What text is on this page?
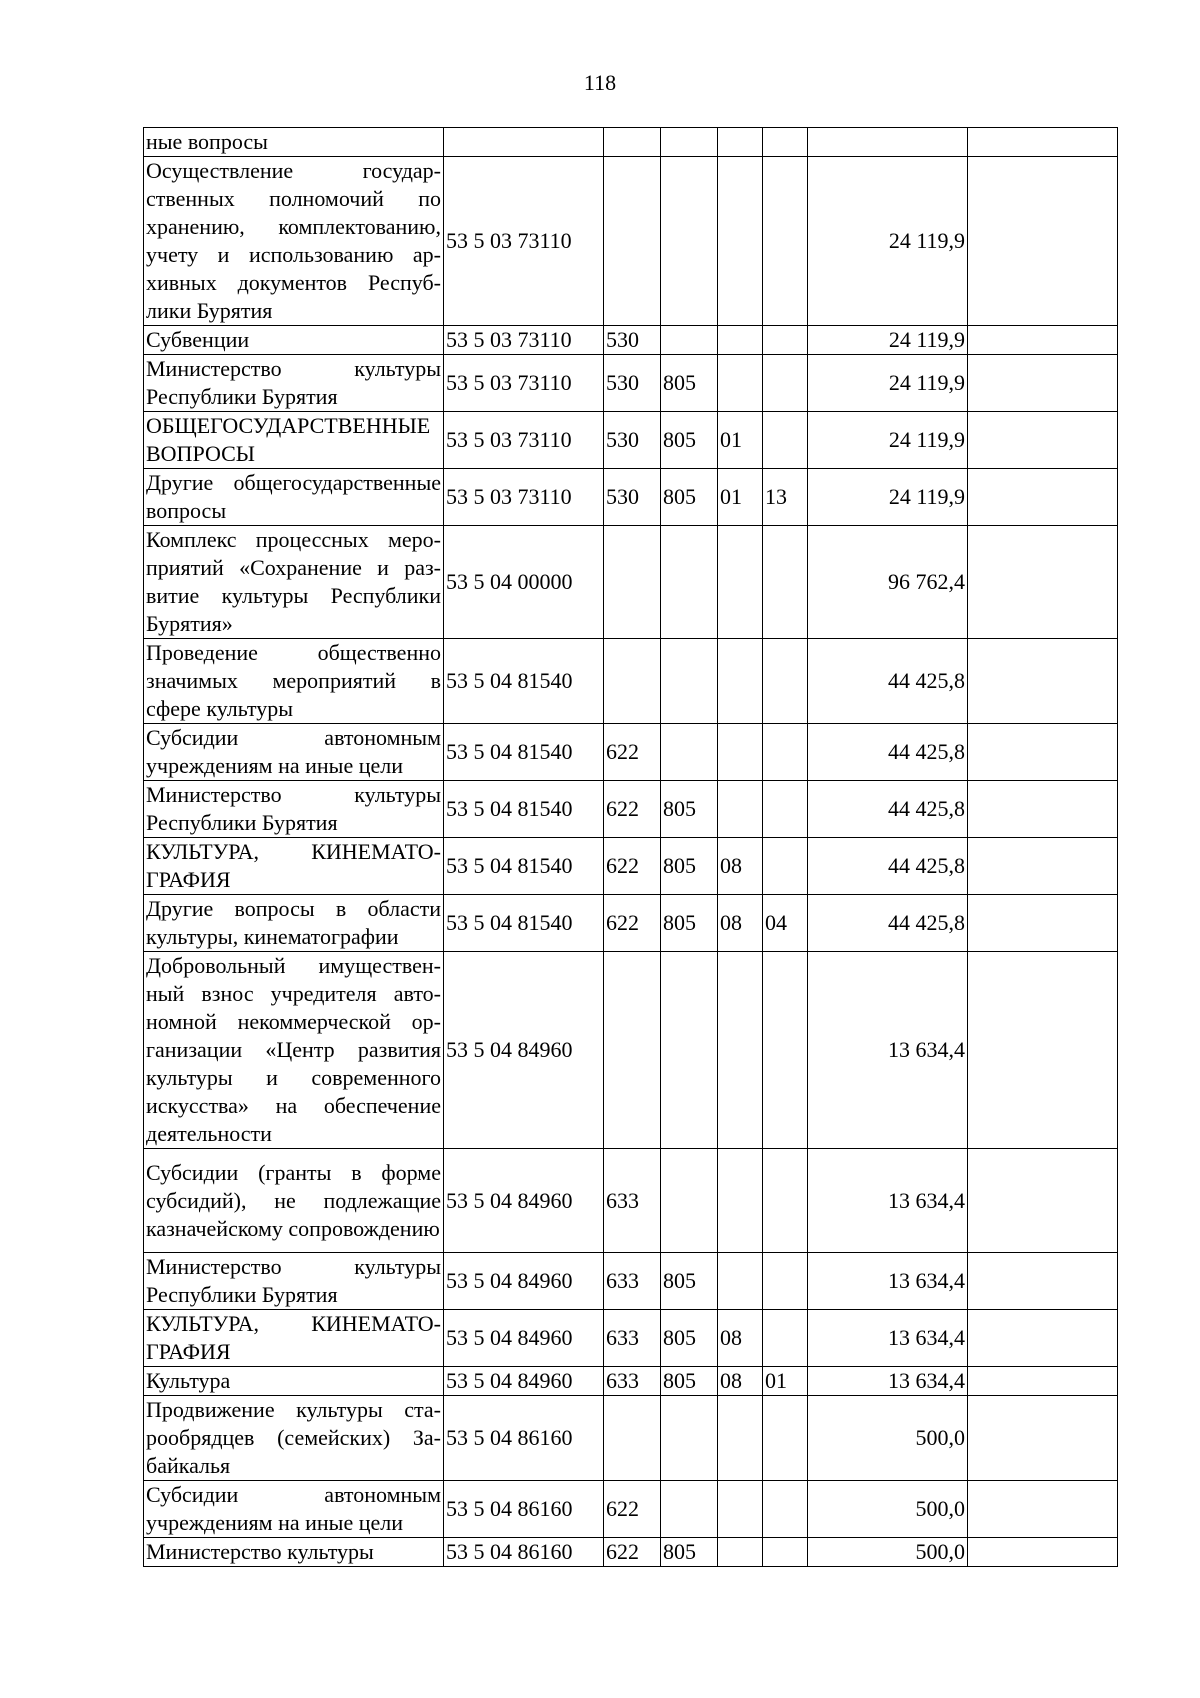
118
ные вопросы							
Осуществление государственных полномочий по хранению, комплектованию, учету и использованию архивных документов Республики Бурятия	53 5 03 73110					24 119,9	
Субвенции	53 5 03 73110	530				24 119,9	
Министерство культуры Республики Бурятия	53 5 03 73110	530	805			24 119,9	
ОБЩЕГОСУДАРСТВЕННЫЕ ВОПРОСЫ	53 5 03 73110	530	805	01		24 119,9	
Другие общегосударственные вопросы	53 5 03 73110	530	805	01	13	24 119,9	
Комплекс процессных мероприятий «Сохранение и развитие культуры Республики Бурятия»	53 5 04 00000					96 762,4	
Проведение общественно значимых мероприятий в сфере культуры	53 5 04 81540					44 425,8	
Субсидии автономным учреждениям на иные цели	53 5 04 81540	622				44 425,8	
Министерство культуры Республики Бурятия	53 5 04 81540	622	805			44 425,8	
КУЛЬТУРА, КИНЕМАТОГРАФИЯ	53 5 04 81540	622	805	08		44 425,8	
Другие вопросы в области культуры, кинематографии	53 5 04 81540	622	805	08	04	44 425,8	
Добровольный имущественный взнос учредителя автономной некоммерческой организации «Центр развития культуры и современного искусства» на обеспечение деятельности	53 5 04 84960					13 634,4	
Субсидии (гранты в форме субсидий), не подлежащие казначейскому сопровождению	53 5 04 84960	633				13 634,4	
Министерство культуры Республики Бурятия	53 5 04 84960	633	805			13 634,4	
КУЛЬТУРА, КИНЕМАТОГРАФИЯ	53 5 04 84960	633	805	08		13 634,4	
Культура	53 5 04 84960	633	805	08	01	13 634,4	
Продвижение культуры старообрядцев (семейских) Забайкалья	53 5 04 86160					500,0	
Субсидии автономным учреждениям на иные цели	53 5 04 86160	622				500,0	
Министерство культуры	53 5 04 86160	622	805			500,0	
